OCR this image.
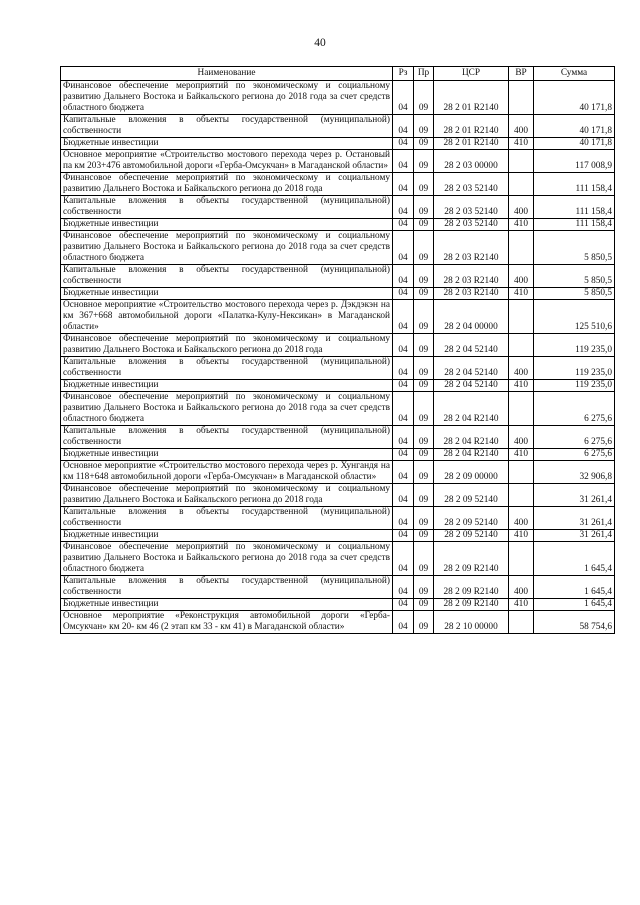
40
Наименование	Рз	Пр	ЦСР	ВР	Сумма
Финансовое обеспечение мероприятий по экономическому и социальному развитию Дальнего Востока и Байкальского региона до 2018 года за счет средств областного бюджета	04	09	28 2 01 R2140		40 171,8
Капитальные вложения в объекты государственной (муниципальной) собственности	04	09	28 2 01 R2140	400	40 171,8
Бюджетные инвестиции	04	09	28 2 01 R2140	410	40 171,8
Основное мероприятие «Строительство мостового перехода через р. Остановый па км 203+476 автомобильной дороги «Герба-Омсукчан» в Магаданской области»	04	09	28 2 03 00000		117 008,9
Финансовое обеспечение мероприятий по экономическому и социальному развитию Дальнего Востока и Байкальского региона до 2018 года	04	09	28 2 03 52140		111 158,4
Капитальные вложения в объекты государственной (муниципальной) собственности	04	09	28 2 03 52140	400	111 158,4
Бюджетные инвестиции	04	09	28 2 03 52140	410	111 158,4
Финансовое обеспечение мероприятий по экономическому и социальному развитию Дальнего Востока и Байкальского региона до 2018 года за счет средств областного бюджета	04	09	28 2 03 R2140		5 850,5
Капитальные вложения в объекты государственной (муниципальной) собственности	04	09	28 2 03 R2140	400	5 850,5
Бюджетные инвестиции	04	09	28 2 03 R2140	410	5 850,5
Основное мероприятие «Строительство мостового перехода через р. Дэкдэкэн на км 367+668 автомобильной дороги «Палатка-Кулу-Нексикан» в Магаданской области»	04	09	28 2 04 00000		125 510,6
Финансовое обеспечение мероприятий по экономическому и социальному развитию Дальнего Востока и Байкальского региона до 2018 года	04	09	28 2 04 52140		119 235,0
Капитальные вложения в объекты государственной (муниципальной) собственности	04	09	28 2 04 52140	400	119 235,0
Бюджетные инвестиции	04	09	28 2 04 52140	410	119 235,0
Финансовое обеспечение мероприятий по экономическому и социальному развитию Дальнего Востока и Байкальского региона до 2018 года за счет средств областного бюджета	04	09	28 2 04 R2140		6 275,6
Капитальные вложения в объекты государственной (муниципальной) собственности	04	09	28 2 04 R2140	400	6 275,6
Бюджетные инвестиции	04	09	28 2 04 R2140	410	6 275,6
Основное мероприятие «Строительство мостового перехода через р. Хунгандя на км 118+648 автомобильной дороги «Герба-Омсукчан» в Магаданской области»	04	09	28 2 09 00000		32 906,8
Финансовое обеспечение мероприятий по экономическому и социальному развитию Дальнего Востока и Байкальского региона до 2018 года	04	09	28 2 09 52140		31 261,4
Капитальные вложения в объекты государственной (муниципальной) собственности	04	09	28 2 09 52140	400	31 261,4
Бюджетные инвестиции	04	09	28 2 09 52140	410	31 261,4
Финансовое обеспечение мероприятий по экономическому и социальному развитию Дальнего Востока и Байкальского региона до 2018 года за счет средств областного бюджета	04	09	28 2 09 R2140		1 645,4
Капитальные вложения в объекты государственной (муниципальной) собственности	04	09	28 2 09 R2140	400	1 645,4
Бюджетные инвестиции	04	09	28 2 09 R2140	410	1 645,4
Основное мероприятие «Реконструкция автомобильной дороги «Герба-Омсукчан» км 20- км 46 (2 этап км 33 - км 41) в Магаданской области»	04	09	28 2 10 00000		58 754,6
